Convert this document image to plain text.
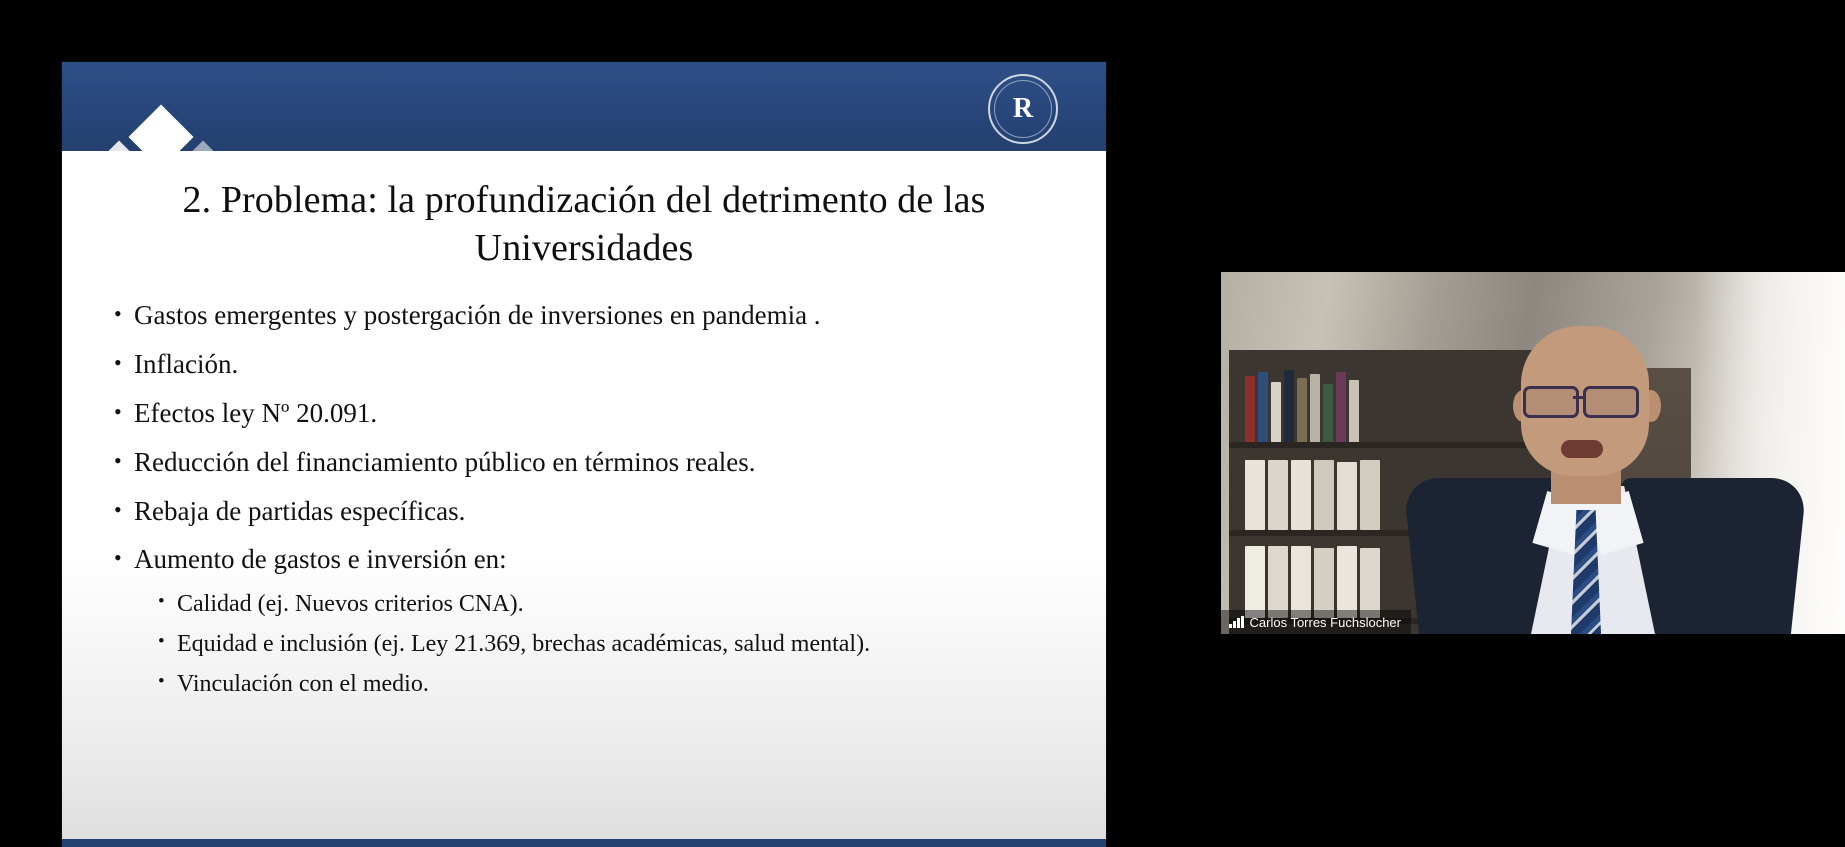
R
2. Problema: la profundización del detrimento de las Universidades
• Gastos emergentes y postergación de inversiones en pandemia .
• Inflación.
• Efectos ley Nº 20.091.
• Reducción del financiamiento público en términos reales.
• Rebaja de partidas específicas.
• Aumento de gastos e inversión en:
• Calidad (ej. Nuevos criterios CNA).
• Equidad e inclusión (ej. Ley 21.369, brechas académicas, salud mental).
• Vinculación con el medio.
Carlos Torres Fuchslocher
